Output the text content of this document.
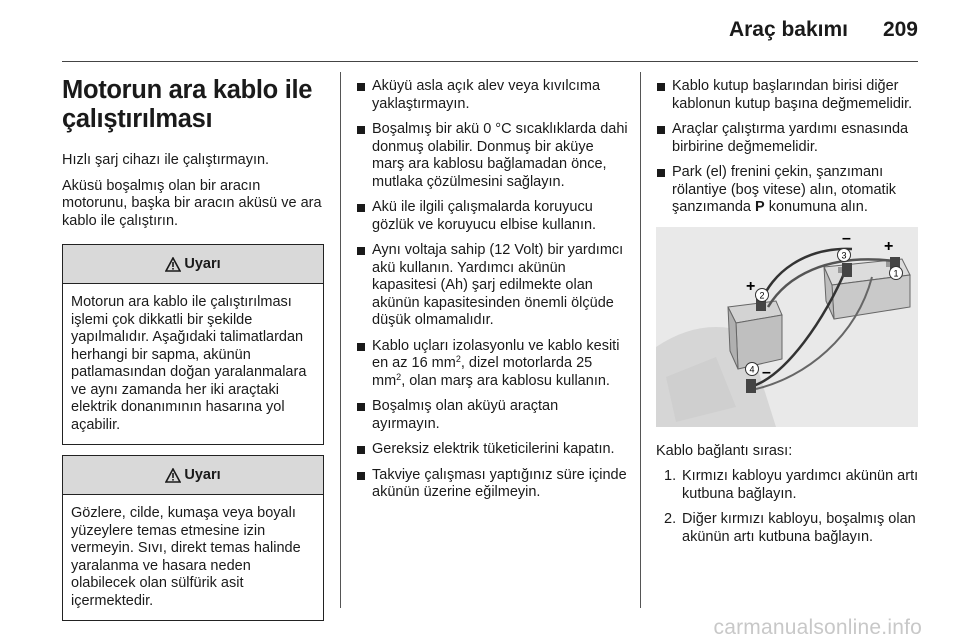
Araç bakımı 209
Motorun ara kablo ile çalıştırılması

Hızlı şarj cihazı ile çalıştırmayın.

Aküsü boşalmış olan bir aracın motorunu, başka bir aracın aküsü ve ara kablo ile çalıştırın.

Uyarı
Motorun ara kablo ile çalıştırılması işlemi çok dikkatli bir şekilde yapılmalıdır. Aşağıdaki talimatlardan herhangi bir sapma, akünün patlamasından doğan yaralanmalara ve aynı zamanda her iki araçtaki elektrik donanımının hasarına yol açabilir.
Uyarı
Gözlere, cilde, kumaşa veya boyalı yüzeylere temas etmesine izin vermeyin. Sıvı, direkt temas halinde yaralanma ve hasara neden olabilecek olan sülfürik asit içermektedir.
Aküyü asla açık alev veya kıvılcıma yaklaştırmayın.
Boşalmış bir akü 0 °C sıcaklıklarda dahi donmuş olabilir. Donmuş bir aküye marş ara kablosu bağlamadan önce, mutlaka çözülmesini sağlayın.
Akü ile ilgili çalışmalarda koruyucu gözlük ve koruyucu elbise kullanın.
Aynı voltaja sahip (12 Volt) bir yardımcı akü kullanın. Yardımcı akünün kapasitesi (Ah) şarj edilmekte olan akünün kapasitesinden önemli ölçüde düşük olmamalıdır.
Kablo uçları izolasyonlu ve kablo kesiti en az 16 $mm^2$, dizel motorlarda 25 $mm^2$, olan marş ara kablosu kullanın.
Boşalmış olan aküyü araçtan ayırmayın.
Gereksiz elektrik tüketicilerini kapatın.
Takviye çalışması yaptığınız süre içinde akünün üzerine eğilmeyin.
Kablo kutup başlarından birisi diğer kablonun kutup başına değmemelidir.
Araçlar çalıştırma yardımı esnasında birbirine değmemelidir.
Park (el) frenini çekin, şanzımanı rölantiye (boş vitese) alın, otomatik şanzımanda P konumuna alın.
+
–
+
–
1
2
3
4

Kablo bağlantı sırası:

1. Kırmızı kabloyu yardımcı akünün artı kutbuna bağlayın.
2. Diğer kırmızı kabloyu, boşalmış olan akünün artı kutbuna bağlayın.
carmanualsonline.info
